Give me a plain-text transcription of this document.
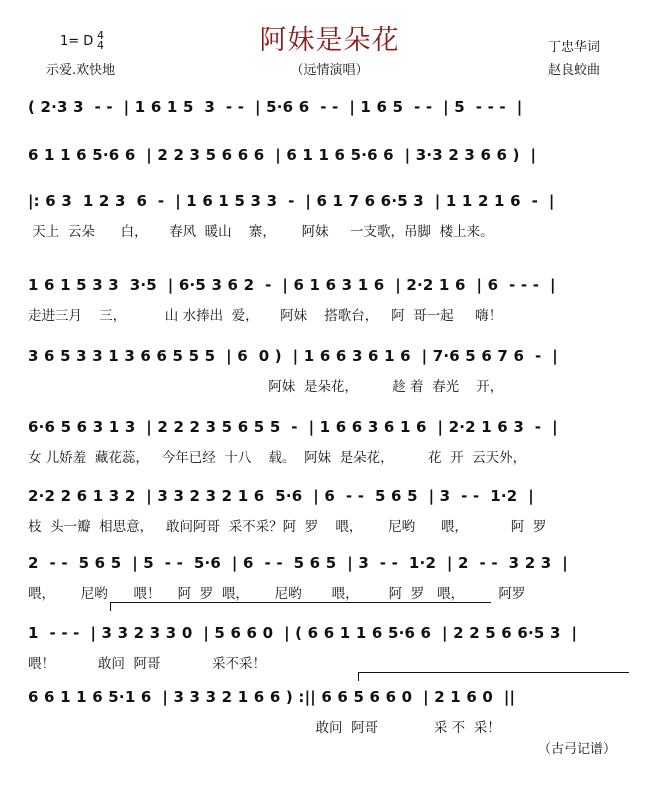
阿妹是朵花
1= D 4
4
示爱.欢快地	（远情演唱）
丁忠华词
赵良蛟曲
( 2·3 3  - -  | 1 6 1 5  3  - -  | 5·6 6  - -  | 1 6 5  - -  | 5  - - -  |
6 1 1 6 5·6 6  | 2 2 3 5 6 6 6  | 6 1 1 6 5·6 6  | 3·3 2 3 6 6 )  |
|: 6 3  1 2 3  6  -  | 1 6 1 5 3 3  -  | 6 1 7 6 6·5 3  | 1 1 2 1 6  -  |
天上  云朵      白，     春风  暖山    寨，      阿妹     一支歌，吊脚  楼上来。
1 6 1 5 3 3  3·5  | 6·5 3 6 2  -  | 6 1 6 3 1 6  | 2·2 1 6  | 6  - - -  |
走进三月    三，         山 水捧出  爱，     阿妹    搭歌台，   阿  哥一起     嗨！
3 6 5 3 3 1 3 6 6 5 5 5  | 6  0 )  | 1 6 6 3 6 1 6  | 7·6 5 6 7 6  -  |
阿妹  是朵花，        趁 着  春光    开，
6·6 5 6 3 1 3  | 2 2 2 3 5 6 5 5  -  | 1 6 6 3 6 1 6  | 2·2 1 6 3  -  |
女 儿娇羞  藏花蕊，   今年已经  十八    载。  阿妹  是朵花，        花  开  云天外，
2·2 2 6 1 3 2  | 3 3 2 3 2 1 6  5·6  | 6  - -  5 6 5  | 3  - -  1·2  |
枝  头一瓣  相思意，   敢问阿哥  采不采？阿  罗    喂，      尼哟      喂，          阿  罗
2  - -  5 6 5  | 5  - -  5·6  | 6  - -  5 6 5  | 3  - -  1·2  | 2  - -  3 2 3  |
喂，      尼哟      喂！    阿  罗  喂，      尼哟       喂，       阿  罗   喂，        阿罗
1  - - -  | 3 3 2 3 3 0  | 5 6 6 0  | ( 6 6 1 1 6 5·6 6  | 2 2 5 6 6·5 3  |
喂！          敢问  阿哥            采不采！
6 6 1 1 6 5·1 6  | 3 3 3 2 1 6 6 ) :|| 6 6 5 6 6 0  | 2 1 6 0  ||
敢问  阿哥             采 不  采！
（古弓记谱）
